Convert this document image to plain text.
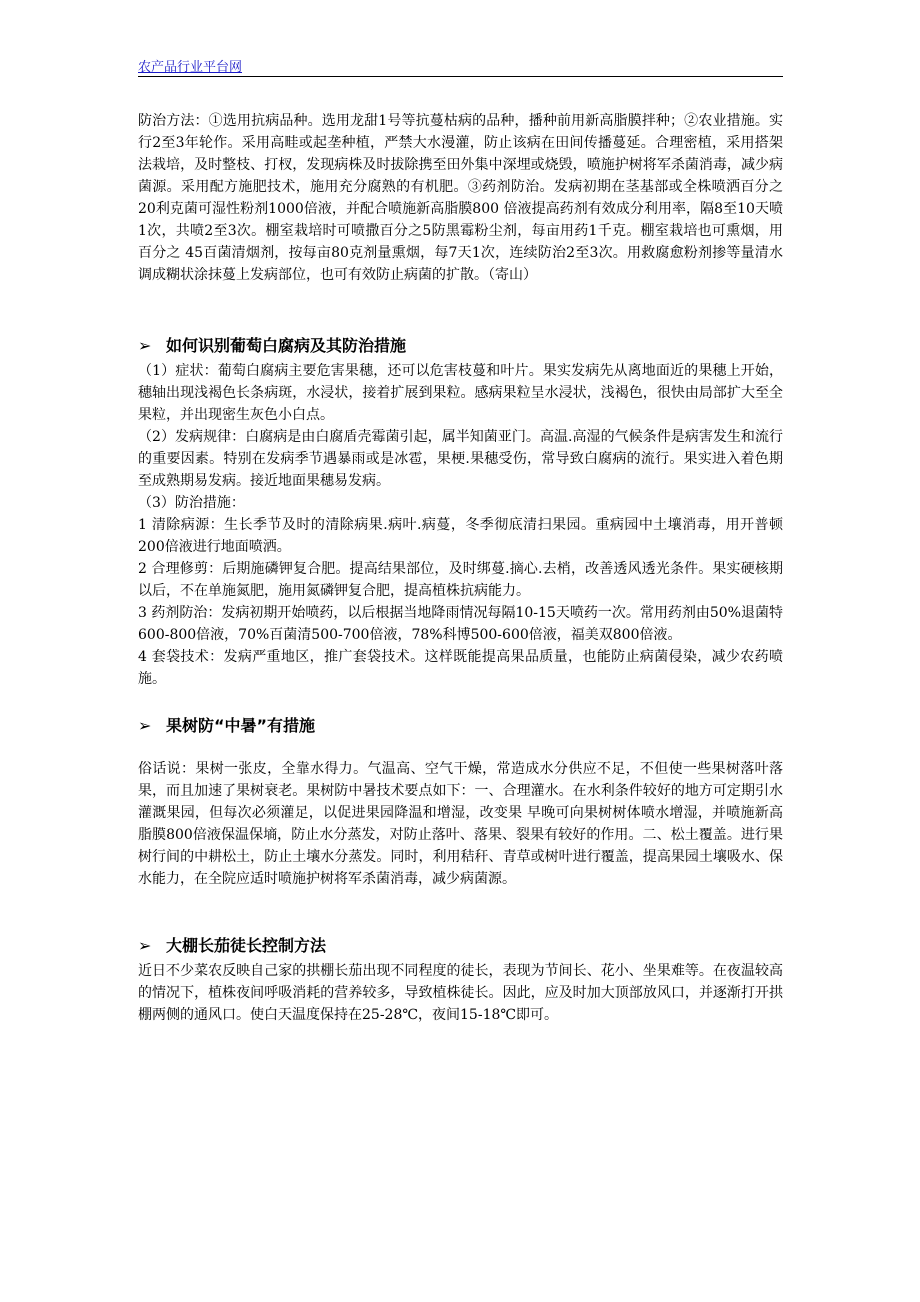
农产品行业平台网

防治方法：①选用抗病品种。选用龙甜1号等抗蔓枯病的品种，播种前用新高脂膜拌种；②农业措施。实行2至3年轮作。采用高畦或起垄种植，严禁大水漫灌，防止该病在田间传播蔓延。合理密植，采用搭架法栽培，及时整枝、打杈，发现病株及时拔除携至田外集中深埋或烧毁，喷施护树将军杀菌消毒，减少病菌源。采用配方施肥技术，施用充分腐熟的有机肥。③药剂防治。发病初期在茎基部或全株喷洒百分之20利克菌可湿性粉剂1000倍液，并配合喷施新高脂膜800 倍液提高药剂有效成分利用率，隔8至10天喷1次，共喷2至3次。棚室栽培时可喷撒百分之5防黑霉粉尘剂，每亩用药1千克。棚室栽培也可熏烟，用百分之 45百菌清烟剂，按每亩80克剂量熏烟，每7天1次，连续防治2至3次。用救腐愈粉剂掺等量清水调成糊状涂抹蔓上发病部位，也可有效防止病菌的扩散。（寄山）

➢ 如何识别葡萄白腐病及其防治措施

（1）症状：葡萄白腐病主要危害果穗，还可以危害枝蔓和叶片。果实发病先从离地面近的果穗上开始，穗轴出现浅褐色长条病斑，水浸状，接着扩展到果粒。感病果粒呈水浸状，浅褐色，很快由局部扩大至全果粒，并出现密生灰色小白点。

（2）发病规律：白腐病是由白腐盾壳霉菌引起，属半知菌亚门。高温.高湿的气候条件是病害发生和流行的重要因素。特别在发病季节遇暴雨或是冰雹，果梗.果穗受伤，常导致白腐病的流行。果实进入着色期至成熟期易发病。接近地面果穗易发病。

（3）防治措施：

1 清除病源：生长季节及时的清除病果.病叶.病蔓，冬季彻底清扫果园。重病园中土壤消毒，用开普顿200倍液进行地面喷洒。

2 合理修剪：后期施磷钾复合肥。提高结果部位，及时绑蔓.摘心.去梢，改善透风透光条件。果实硬核期以后，不在单施氮肥，施用氮磷钾复合肥，提高植株抗病能力。

3 药剂防治：发病初期开始喷药，以后根据当地降雨情况每隔10-15天喷药一次。常用药剂由50%退菌特600-800倍液，70%百菌清500-700倍液，78%科博500-600倍液，福美双800倍液。

4 套袋技术：发病严重地区，推广套袋技术。这样既能提高果品质量，也能防止病菌侵染，减少农药喷施。

➢ 果树防“中暑”有措施

俗话说：果树一张皮，全靠水得力。气温高、空气干燥，常造成水分供应不足，不但使一些果树落叶落果，而且加速了果树衰老。果树防中暑技术要点如下：一、合理灌水。在水利条件较好的地方可定期引水灌溉果园，但每次必须灌足，以促进果园降温和增湿，改变果 早晚可向果树树体喷水增湿，并喷施新高脂膜800倍液保温保墒，防止水分蒸发，对防止落叶、落果、裂果有较好的作用。二、松土覆盖。进行果树行间的中耕松土，防止土壤水分蒸发。同时，利用秸秆、青草或树叶进行覆盖，提高果园土壤吸水、保水能力，在全院应适时喷施护树将军杀菌消毒，减少病菌源。

➢ 大棚长茄徒长控制方法

近日不少菜农反映自己家的拱棚长茄出现不同程度的徒长，表现为节间长、花小、坐果难等。在夜温较高的情况下，植株夜间呼吸消耗的营养较多，导致植株徒长。因此，应及时加大顶部放风口，并逐渐打开拱棚两侧的通风口。使白天温度保持在25-28℃，夜间15-18℃即可。
